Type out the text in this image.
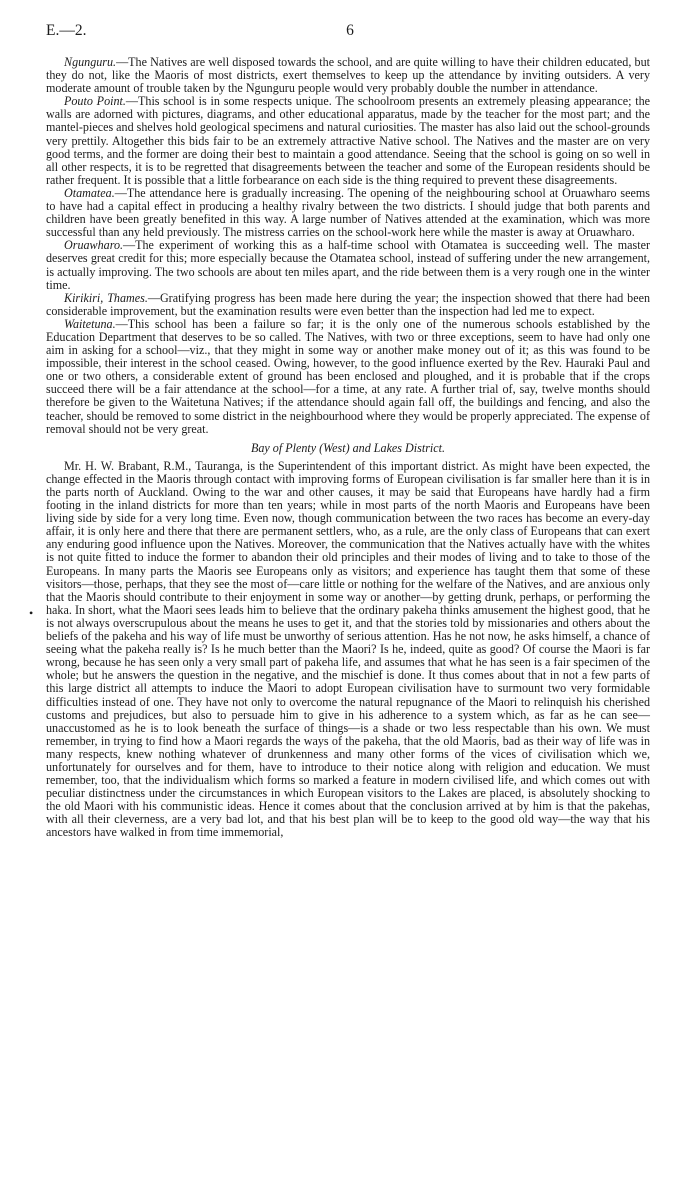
E.—2.	6
•

Ngunguru.—The Natives are well disposed towards the school, and are quite willing to have their children educated, but they do not, like the Maoris of most districts, exert themselves to keep up the attendance by inviting outsiders. A very moderate amount of trouble taken by the Ngunguru people would very probably double the number in attendance.

Pouto Point.—This school is in some respects unique. The schoolroom presents an extremely pleasing appearance; the walls are adorned with pictures, diagrams, and other educational apparatus, made by the teacher for the most part; and the mantel-pieces and shelves hold geological specimens and natural curiosities. The master has also laid out the school-grounds very prettily. Altogether this bids fair to be an extremely attractive Native school. The Natives and the master are on very good terms, and the former are doing their best to maintain a good attendance. Seeing that the school is going on so well in all other respects, it is to be regretted that disagreements between the teacher and some of the European residents should be rather frequent. It is possible that a little forbearance on each side is the thing required to prevent these disagreements.

Otamatea.—The attendance here is gradually increasing. The opening of the neighbouring school at Oruawharo seems to have had a capital effect in producing a healthy rivalry between the two districts. I should judge that both parents and children have been greatly benefited in this way. A large number of Natives attended at the examination, which was more successful than any held previously. The mistress carries on the school-work here while the master is away at Oruawharo.

Oruawharo.—The experiment of working this as a half-time school with Otamatea is succeeding well. The master deserves great credit for this; more especially because the Otamatea school, instead of suffering under the new arrangement, is actually improving. The two schools are about ten miles apart, and the ride between them is a very rough one in the winter time.

Kirikiri, Thames.—Gratifying progress has been made here during the year; the inspection showed that there had been considerable improvement, but the examination results were even better than the inspection had led me to expect.

Waitetuna.—This school has been a failure so far; it is the only one of the numerous schools established by the Education Department that deserves to be so called. The Natives, with two or three exceptions, seem to have had only one aim in asking for a school—viz., that they might in some way or another make money out of it; as this was found to be impossible, their interest in the school ceased. Owing, however, to the good influence exerted by the Rev. Hauraki Paul and one or two others, a considerable extent of ground has been enclosed and ploughed, and it is probable that if the crops succeed there will be a fair attendance at the school—for a time, at any rate. A further trial of, say, twelve months should therefore be given to the Waitetuna Natives; if the attendance should again fall off, the buildings and fencing, and also the teacher, should be removed to some district in the neighbourhood where they would be properly appreciated. The expense of removal should not be very great.

Bay of Plenty (West) and Lakes District.

Mr. H. W. Brabant, R.M., Tauranga, is the Superintendent of this important district. As might have been expected, the change effected in the Maoris through contact with improving forms of European civilisation is far smaller here than it is in the parts north of Auckland. Owing to the war and other causes, it may be said that Europeans have hardly had a firm footing in the inland districts for more than ten years; while in most parts of the north Maoris and Europeans have been living side by side for a very long time. Even now, though communication between the two races has become an every-day affair, it is only here and there that there are permanent settlers, who, as a rule, are the only class of Europeans that can exert any enduring good influence upon the Natives. Moreover, the communication that the Natives actually have with the whites is not quite fitted to induce the former to abandon their old principles and their modes of living and to take to those of the Europeans. In many parts the Maoris see Europeans only as visitors; and experience has taught them that some of these visitors—those, perhaps, that they see the most of—care little or nothing for the welfare of the Natives, and are anxious only that the Maoris should contribute to their enjoyment in some way or another—by getting drunk, perhaps, or performing the haka. In short, what the Maori sees leads him to believe that the ordinary pakeha thinks amusement the highest good, that he is not always overscrupulous about the means he uses to get it, and that the stories told by missionaries and others about the beliefs of the pakeha and his way of life must be unworthy of serious attention. Has he not now, he asks himself, a chance of seeing what the pakeha really is? Is he much better than the Maori? Is he, indeed, quite as good? Of course the Maori is far wrong, because he has seen only a very small part of pakeha life, and assumes that what he has seen is a fair specimen of the whole; but he answers the question in the negative, and the mischief is done. It thus comes about that in not a few parts of this large district all attempts to induce the Maori to adopt European civilisation have to surmount two very formidable difficulties instead of one. They have not only to overcome the natural repugnance of the Maori to relinquish his cherished customs and prejudices, but also to persuade him to give in his adherence to a system which, as far as he can see—unaccustomed as he is to look beneath the surface of things—is a shade or two less respectable than his own. We must remember, in trying to find how a Maori regards the ways of the pakeha, that the old Maoris, bad as their way of life was in many respects, knew nothing whatever of drunkenness and many other forms of the vices of civilisation which we, unfortunately for ourselves and for them, have to introduce to their notice along with religion and education. We must remember, too, that the individualism which forms so marked a feature in modern civilised life, and which comes out with peculiar distinctness under the circumstances in which European visitors to the Lakes are placed, is absolutely shocking to the old Maori with his communistic ideas. Hence it comes about that the conclusion arrived at by him is that the pakehas, with all their cleverness, are a very bad lot, and that his best plan will be to keep to the good old way—the way that his ancestors have walked in from time immemorial,
